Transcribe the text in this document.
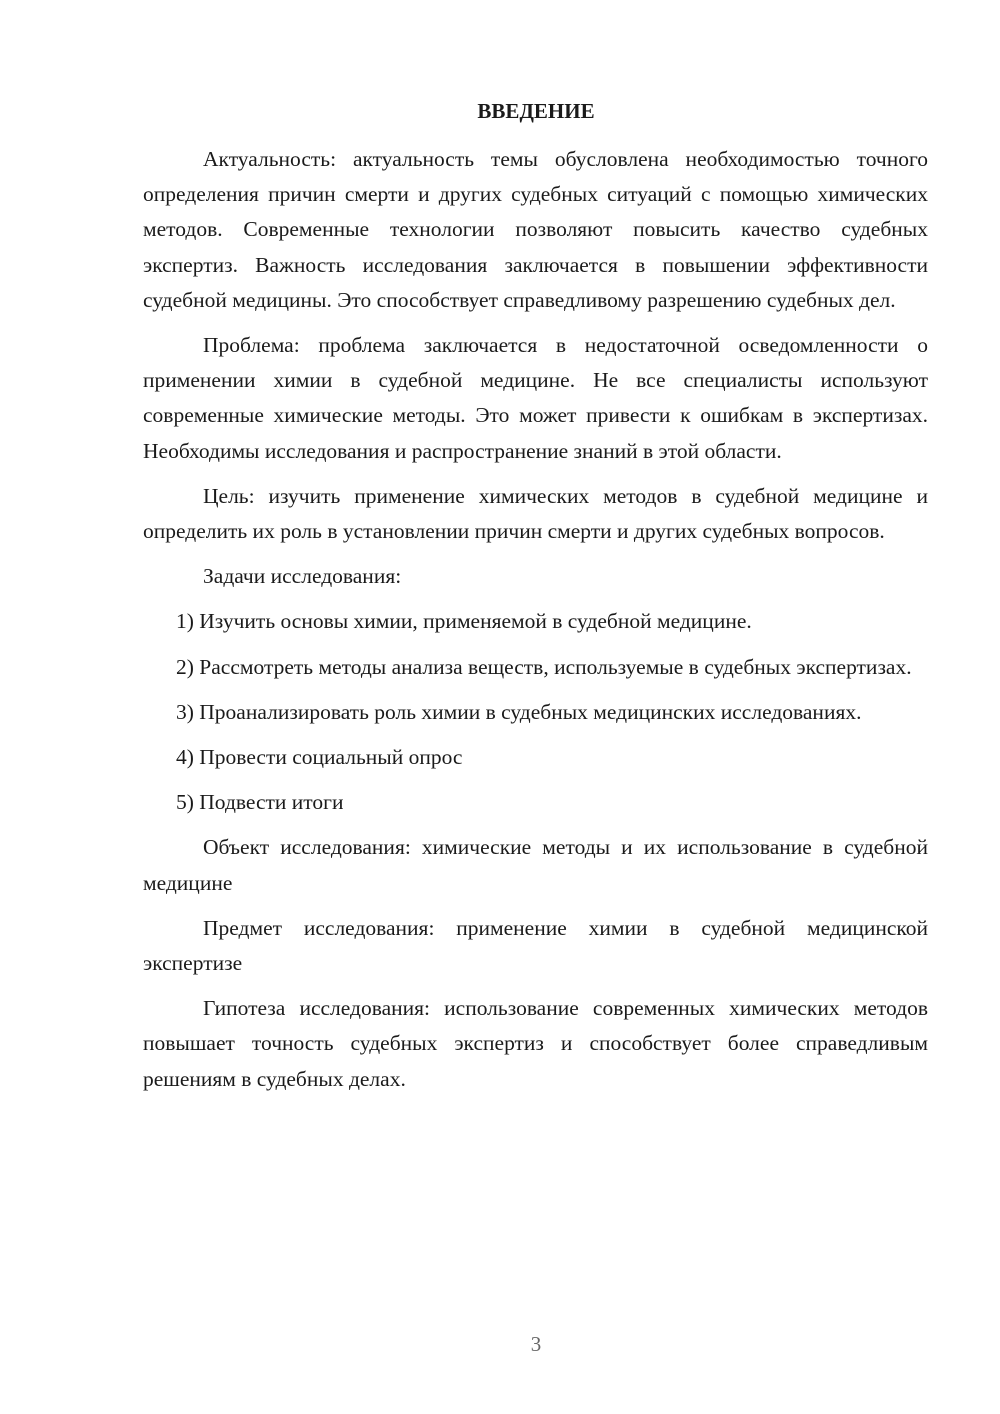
ВВЕДЕНИЕ

Актуальность: актуальность темы обусловлена необходимостью точного определения причин смерти и других судебных ситуаций с помощью химических методов. Современные технологии позволяют повысить качество судебных экспертиз. Важность исследования заключается в повышении эффективности судебной медицины. Это способствует справедливому разрешению судебных дел.

Проблема: проблема заключается в недостаточной осведомленности о применении химии в судебной медицине. Не все специалисты используют современные химические методы. Это может привести к ошибкам в экспертизах. Необходимы исследования и распространение знаний в этой области.

Цель: изучить применение химических методов в судебной медицине и определить их роль в установлении причин смерти и других судебных вопросов.

Задачи исследования:

1) Изучить основы химии, применяемой в судебной медицине.

2) Рассмотреть методы анализа веществ, используемые в судебных экспертизах.

3) Проанализировать роль химии в судебных медицинских исследованиях.

4) Провести социальный опрос

5) Подвести итоги

Объект исследования: химические методы и их использование в судебной медицине

Предмет исследования: применение химии в судебной медицинской экспертизе

Гипотеза исследования: использование современных химических методов повышает точность судебных экспертиз и способствует более справедливым решениям в судебных делах.

3
